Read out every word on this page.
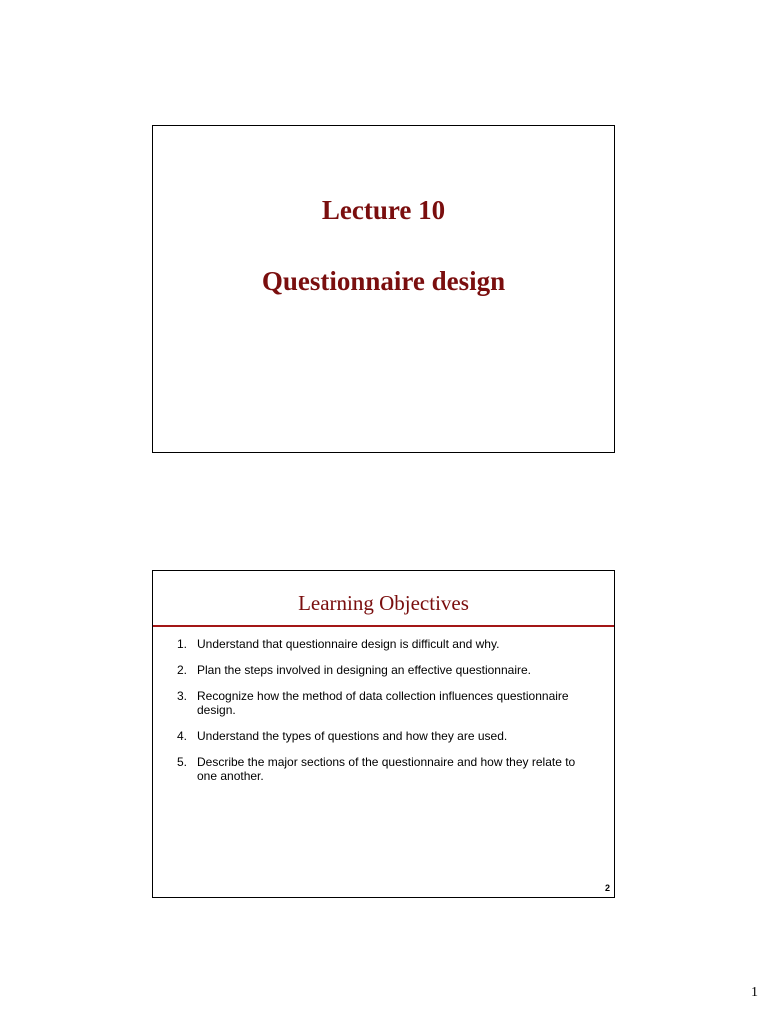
Lecture 10
Questionnaire design
Learning Objectives
1. Understand that questionnaire design is difficult and why.
2. Plan the steps involved in designing an effective questionnaire.
3. Recognize how the method of data collection influences questionnaire design.
4. Understand the types of questions and how they are used.
5. Describe the major sections of the questionnaire and how they relate to one another.
2
1
